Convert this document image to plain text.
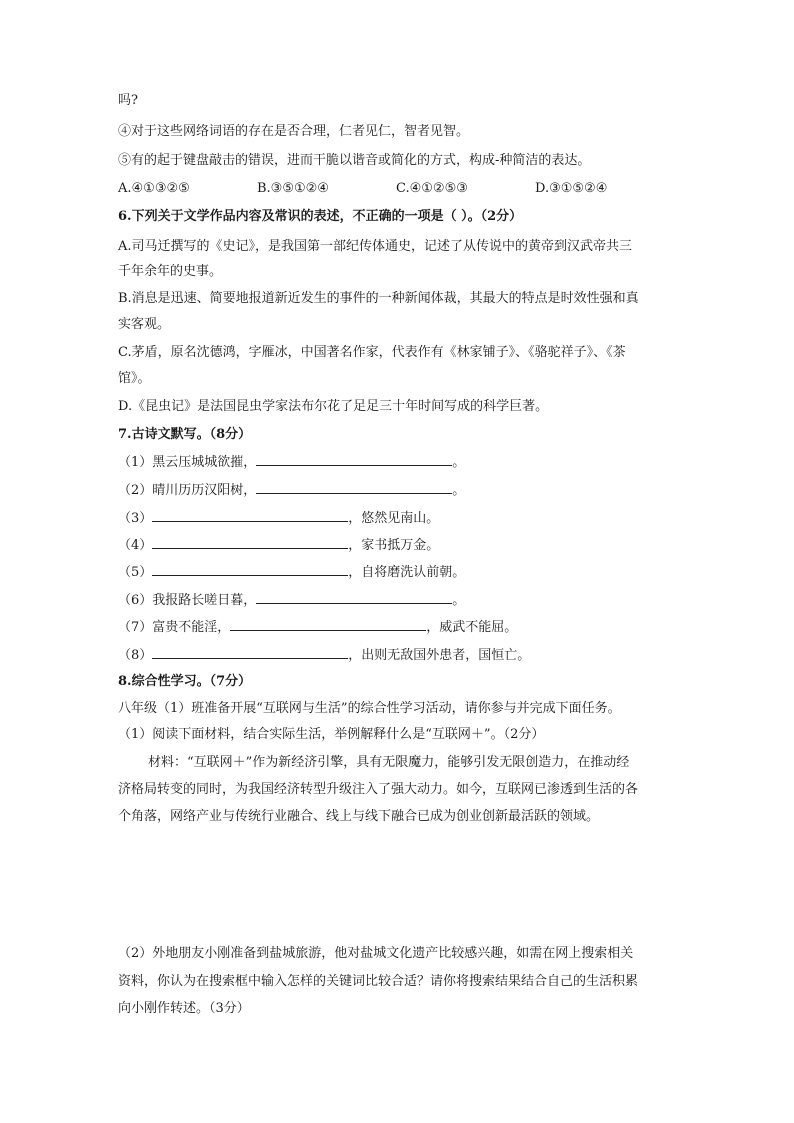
吗?
④对于这些网络词语的存在是否合理，仁者见仁，智者见智。
⑤有的起于键盘敲击的错误，进而干脆以谐音或简化的方式，构成-种简洁的表达。
A.④①③②⑤	B.③⑤①②④	C.④①②⑤③	D.③①⑤②④
6.下列关于文学作品内容及常识的表述，不正确的一项是（ ）。（2分）
A.司马迁撰写的《史记》，是我国第一部纪传体通史，记述了从传说中的黄帝到汉武帝共三
千年余年的史事。
B.消息是迅速、简要地报道新近发生的事件的一种新闻体裁，其最大的特点是时效性强和真
实客观。
C.茅盾，原名沈德鸿，字雁冰，中国著名作家，代表作有《林家铺子》、《骆驼祥子》、《茶
馆》。
D.《昆虫记》是法国昆虫学家法布尔花了足足三十年时间写成的科学巨著。
7.古诗文默写。（8分）
（1）黑云压城城欲摧，	。
（2）晴川历历汉阳树，	。
（3）	，悠然见南山。
（4）	，家书抵万金。
（5）	，自将磨洗认前朝。
（6）我报路长嗟日暮，	。
（7）富贵不能淫，	，威武不能屈。
（8）	，出则无敌国外患者，国恒亡。
8.综合性学习。（7分）
八年级（1）班准备开展“互联网与生活”的综合性学习活动，请你参与并完成下面任务。
（1）阅读下面材料，结合实际生活，举例解释什么是“互联网＋”。（2分）
材料：“互联网＋”作为新经济引擎，具有无限魔力，能够引发无限创造力，在推动经
济格局转变的同时，为我国经济转型升级注入了强大动力。如今，互联网已渗透到生活的各
个角落，网络产业与传统行业融合、线上与线下融合已成为创业创新最活跃的领域。
（2）外地朋友小刚准备到盐城旅游，他对盐城文化遗产比较感兴趣，如需在网上搜索相关
资料，你认为在搜索框中输入怎样的关键词比较合适？请你将搜索结果结合自己的生活积累
向小刚作转述。（3分）
